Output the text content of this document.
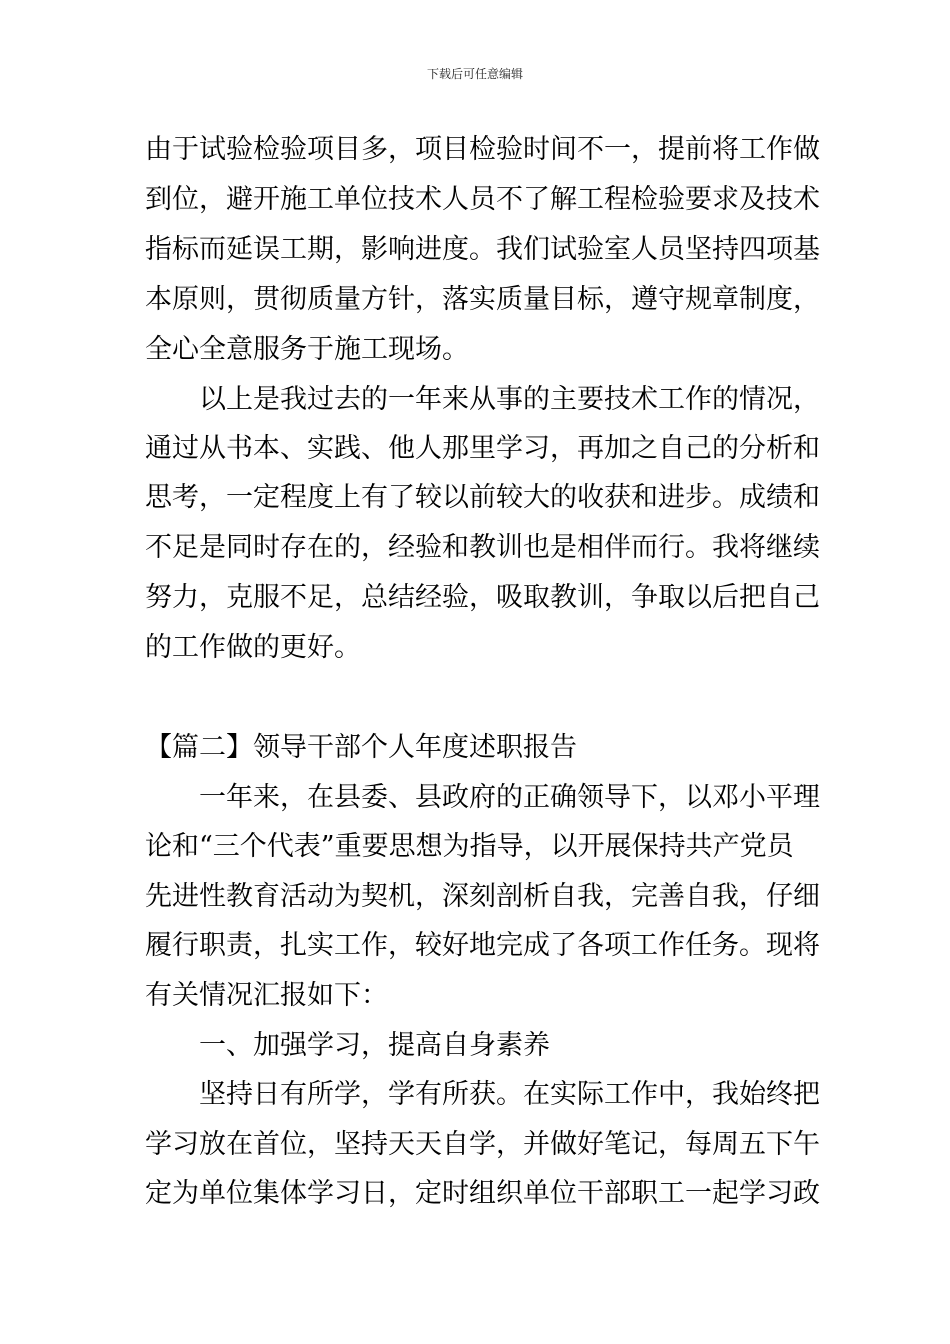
下载后可任意编辑
由于试验检验项目多，项目检验时间不一，提前将工作做
到位，避开施工单位技术人员不了解工程检验要求及技术
指标而延误工期，影响进度。我们试验室人员坚持四项基
本原则，贯彻质量方针，落实质量目标，遵守规章制度，
全心全意服务于施工现场。
　　以上是我过去的一年来从事的主要技术工作的情况，
通过从书本、实践、他人那里学习，再加之自己的分析和
思考，一定程度上有了较以前较大的收获和进步。成绩和
不足是同时存在的，经验和教训也是相伴而行。我将继续
努力，克服不足，总结经验，吸取教训，争取以后把自己
的工作做的更好。
【篇二】领导干部个人年度述职报告
　　一年来，在县委、县政府的正确领导下，以邓小平理
论和“三个代表”重要思想为指导，以开展保持共产党员
先进性教育活动为契机，深刻剖析自我，完善自我，仔细
履行职责，扎实工作，较好地完成了各项工作任务。现将
有关情况汇报如下：
　　一、加强学习，提高自身素养
　　坚持日有所学，学有所获。在实际工作中，我始终把
学习放在首位，坚持天天自学，并做好笔记，每周五下午
定为单位集体学习日，定时组织单位干部职工一起学习政
